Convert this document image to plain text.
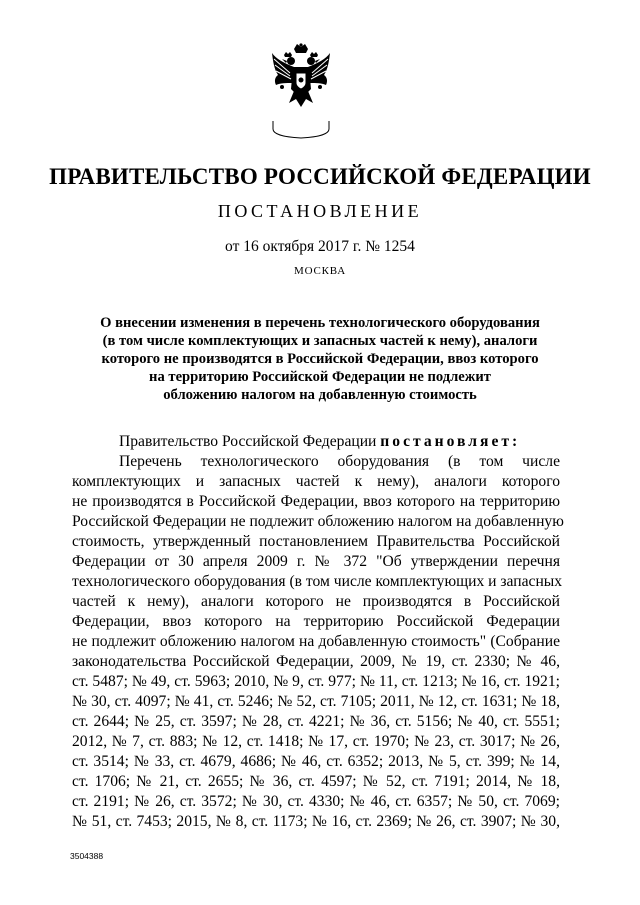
ПРАВИТЕЛЬСТВО РОССИЙСКОЙ ФЕДЕРАЦИИ
ПОСТАНОВЛЕНИЕ
от 16 октября 2017 г. № 1254
МОСКВА
О внесении изменения в перечень технологического оборудования
(в том числе комплектующих и запасных частей к нему), аналоги
которого не производятся в Российской Федерации, ввоз которого
на территорию Российской Федерации не подлежит
обложению налогом на добавленную стоимость
Правительство Российской Федерации постановляет:
Перечень технологического оборудования (в том числе
комплектующих и запасных частей к нему), аналоги которого
не производятся в Российской Федерации, ввоз которого на территорию
Российской Федерации не подлежит обложению налогом на добавленную
стоимость, утвержденный постановлением Правительства Российской
Федерации от 30 апреля 2009 г. № 372 "Об утверждении перечня
технологического оборудования (в том числе комплектующих и запасных
частей к нему), аналоги которого не производятся в Российской
Федерации, ввоз которого на территорию Российской Федерации
не подлежит обложению налогом на добавленную стоимость" (Собрание
законодательства Российской Федерации, 2009, № 19, ст. 2330; № 46,
ст. 5487; № 49, ст. 5963; 2010, № 9, ст. 977; № 11, ст. 1213; № 16, ст. 1921;
№ 30, ст. 4097; № 41, ст. 5246; № 52, ст. 7105; 2011, № 12, ст. 1631; № 18,
ст. 2644; № 25, ст. 3597; № 28, ст. 4221; № 36, ст. 5156; № 40, ст. 5551;
2012, № 7, ст. 883; № 12, ст. 1418; № 17, ст. 1970; № 23, ст. 3017; № 26,
ст. 3514; № 33, ст. 4679, 4686; № 46, ст. 6352; 2013, № 5, ст. 399; № 14,
ст. 1706; № 21, ст. 2655; № 36, ст. 4597; № 52, ст. 7191; 2014, № 18,
ст. 2191; № 26, ст. 3572; № 30, ст. 4330; № 46, ст. 6357; № 50, ст. 7069;
№ 51, ст. 7453; 2015, № 8, ст. 1173; № 16, ст. 2369; № 26, ст. 3907; № 30,
3504388
